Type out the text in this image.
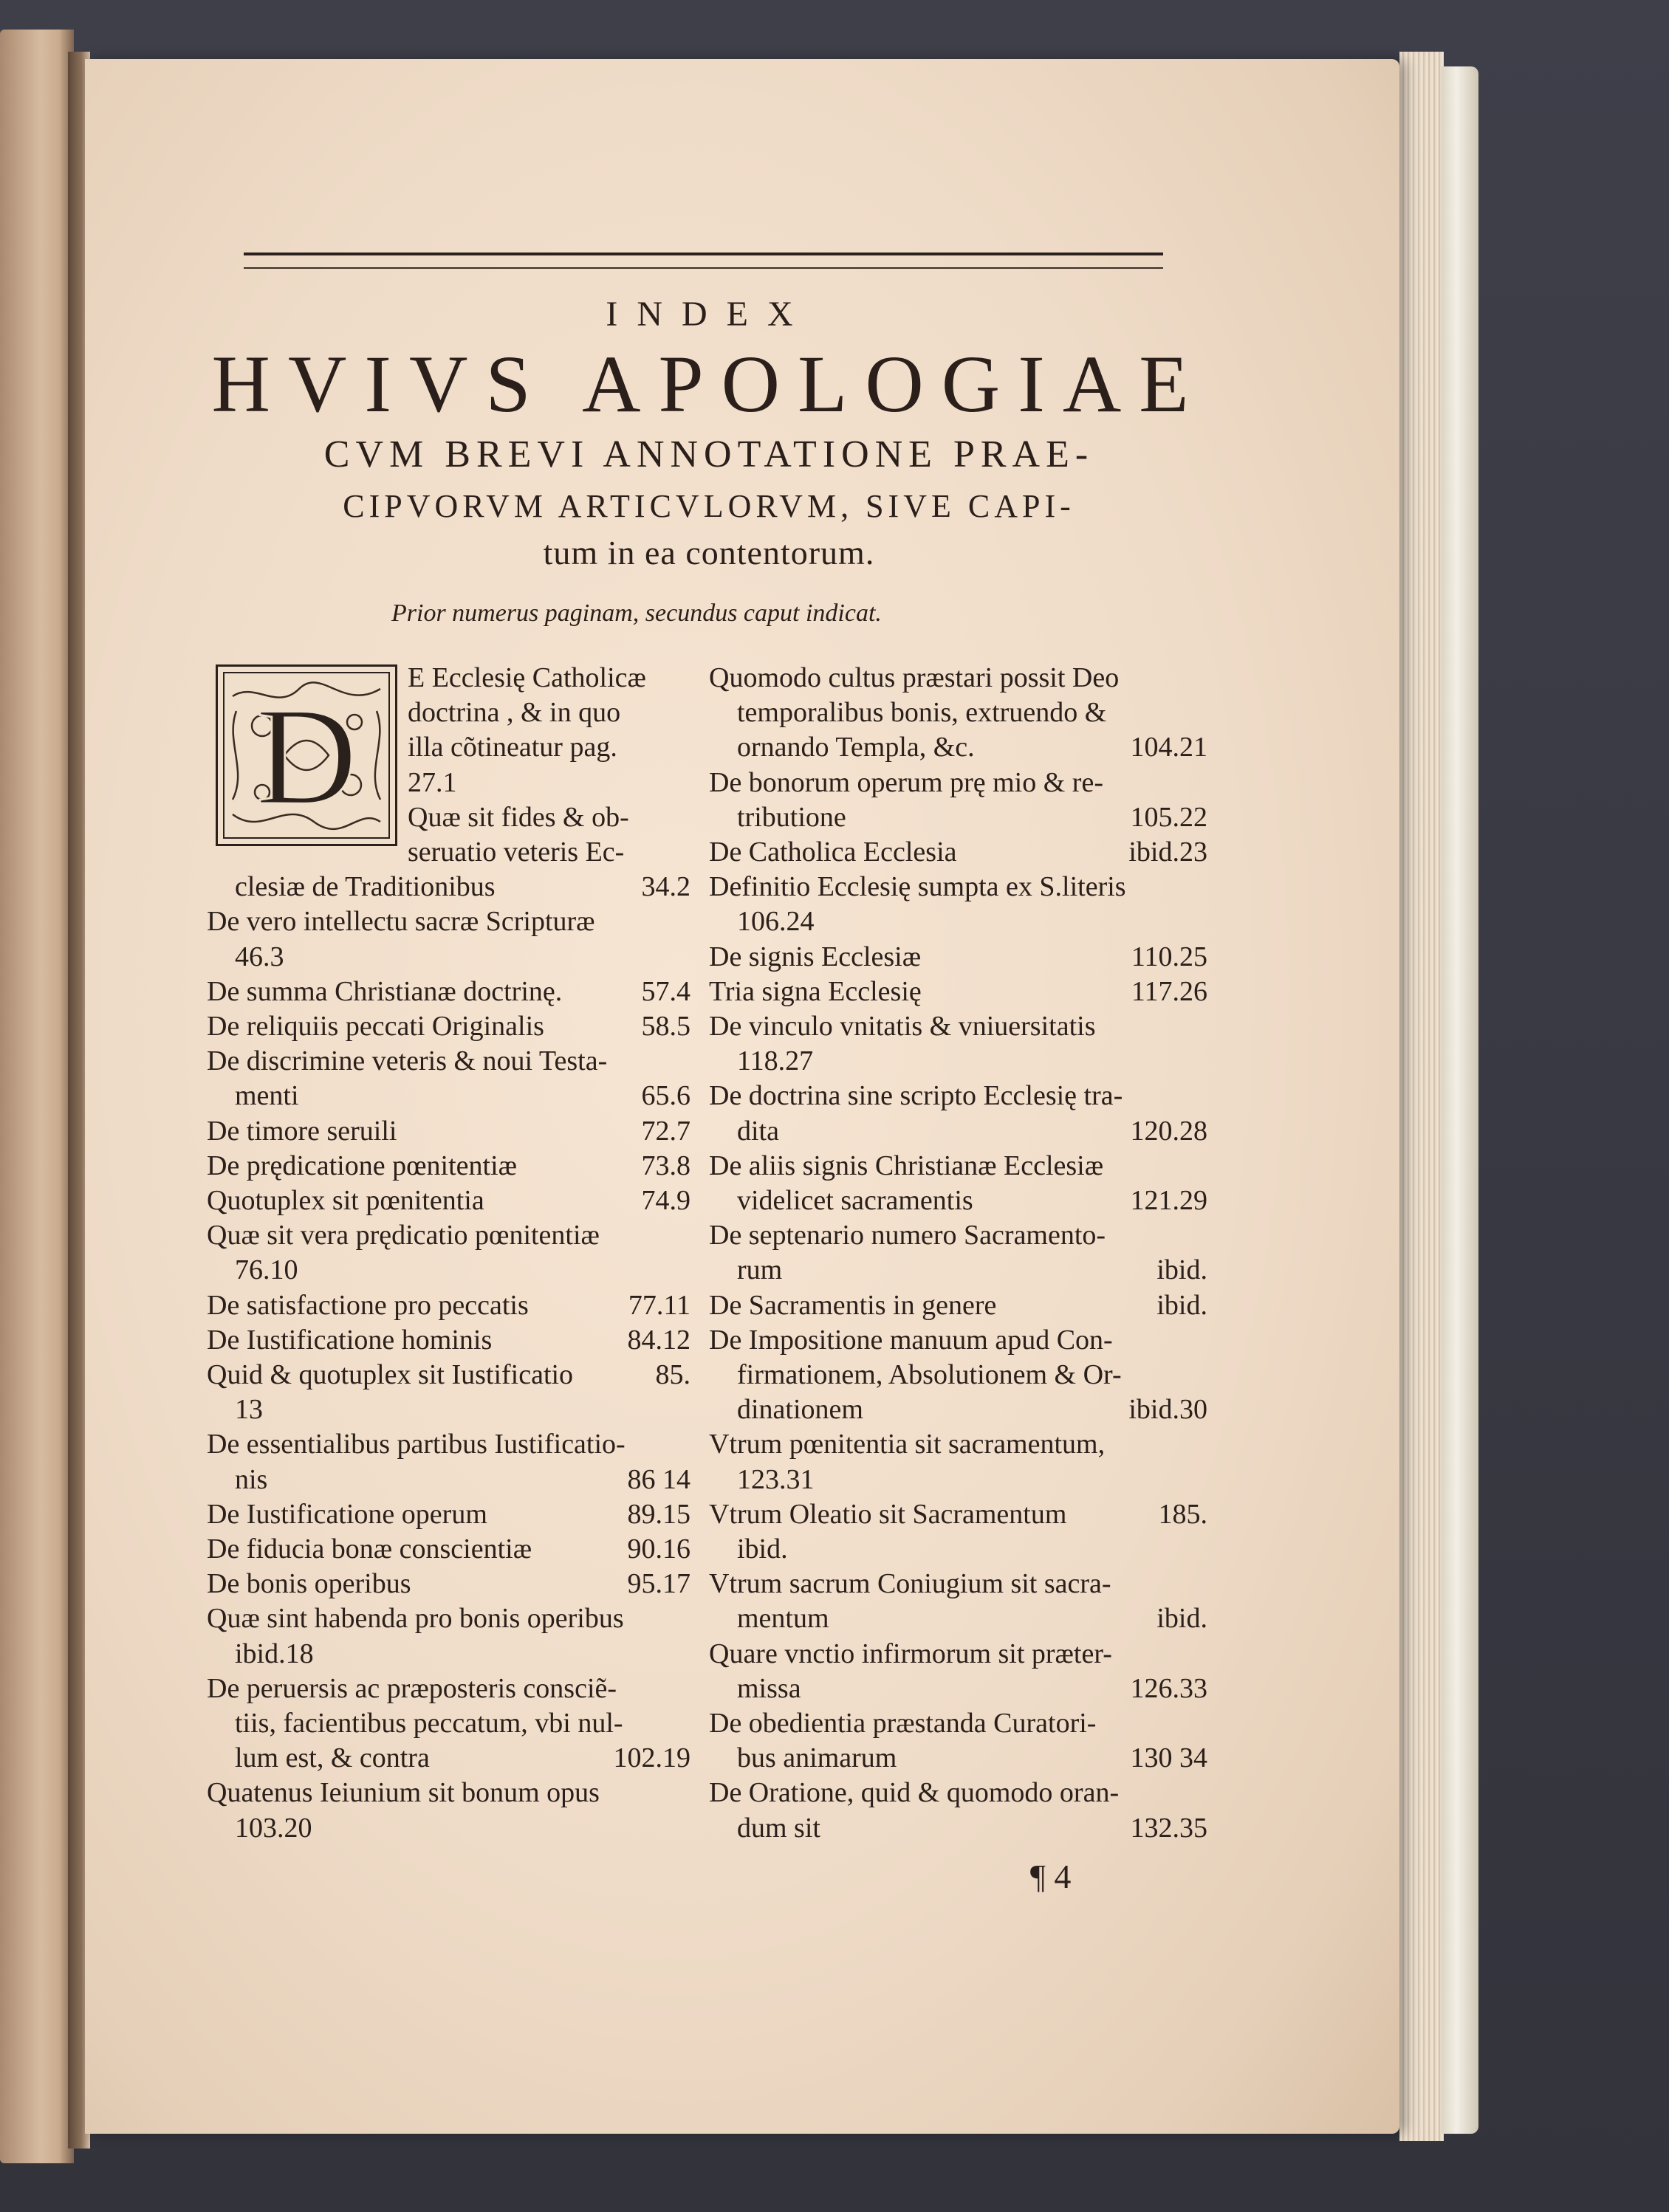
INDEX
HVIVS APOLOGIAE
CVM BREVI ANNOTATIONE PRAE-
CIPVORVM ARTICVLORVM, SIVE CAPI-
tum in ea contentorum.
Prior numerus paginam, secundus caput indicat.
D
E Ecclesię Catholicæ
doctrina , & in quo
illa cõtineatur pag.
27.1
Quæ sit fides & ob-
seruatio veteris Ec-
clesiæ de Traditionibus	34.2
De vero intellectu sacræ Scripturæ
46.3
De summa Christianæ doctrinę.	57.4
De reliquiis peccati Originalis	58.5
De discrimine veteris & noui Testa-
menti	65.6
De timore seruili	72.7
De prędicatione pœnitentiæ	73.8
Quotuplex sit pœnitentia	74.9
Quæ sit vera prędicatio pœnitentiæ
76.10
De satisfactione pro peccatis	77.11
De Iustificatione hominis	84.12
Quid & quotuplex sit Iustificatio	85.
13
De essentialibus partibus Iustificatio-
nis	86 14
De Iustificatione operum	89.15
De fiducia bonæ conscientiæ	90.16
De bonis operibus	95.17
Quæ sint habenda pro bonis operibus
ibid.18
De peruersis ac præposteris consciẽ-
tiis, facientibus peccatum, vbi nul-
lum est, & contra	102.19
Quatenus Ieiunium sit bonum opus
103.20
Quomodo cultus præstari possit Deo
temporalibus bonis, extruendo &
ornando Templa, &c.	104.21
De bonorum operum prę mio & re-
tributione	105.22
De Catholica Ecclesia	ibid.23
Definitio Ecclesię sumpta ex S.literis
106.24
De signis Ecclesiæ	110.25
Tria signa Ecclesię	117.26
De vinculo vnitatis & vniuersitatis
118.27
De doctrina sine scripto Ecclesię tra-
dita	120.28
De aliis signis Christianæ Ecclesiæ
videlicet sacramentis	121.29
De septenario numero Sacramento-
rum	ibid.
De Sacramentis in genere	ibid.
De Impositione manuum apud Con-
firmationem, Absolutionem & Or-
dinationem	ibid.30
Vtrum pœnitentia sit sacramentum,
123.31
Vtrum Oleatio sit Sacramentum	185.
ibid.
Vtrum sacrum Coniugium sit sacra-
mentum	ibid.
Quare vnctio infirmorum sit præter-
missa	126.33
De obedientia præstanda Curatori-
bus animarum	130 34
De Oratione, quid & quomodo oran-
dum sit	132.35
¶ 4
